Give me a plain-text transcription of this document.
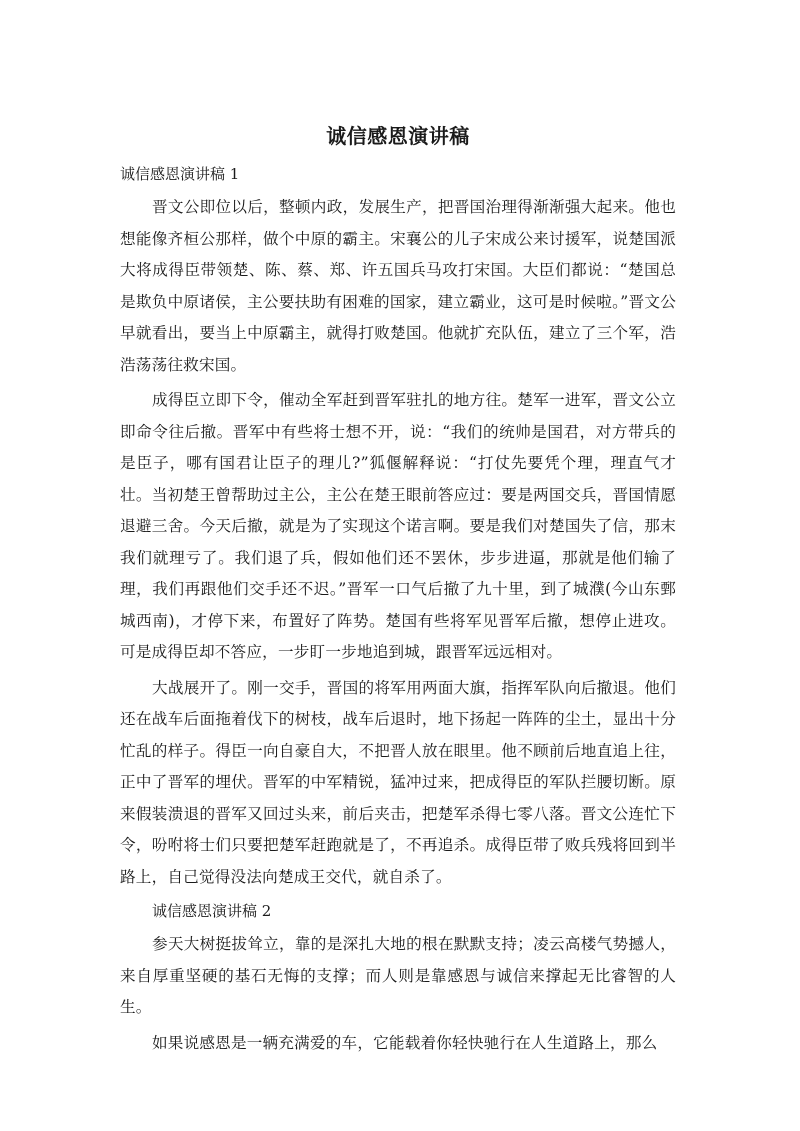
诚信感恩演讲稿
诚信感恩演讲稿 1

晋文公即位以后，整顿内政，发展生产，把晋国治理得渐渐强大起来。他也想能像齐桓公那样，做个中原的霸主。宋襄公的儿子宋成公来讨援军，说楚国派大将成得臣带领楚、陈、蔡、郑、许五国兵马攻打宋国。大臣们都说：“楚国总是欺负中原诸侯，主公要扶助有困难的国家，建立霸业，这可是时候啦。”晋文公早就看出，要当上中原霸主，就得打败楚国。他就扩充队伍，建立了三个军，浩浩荡荡往救宋国。

成得臣立即下令，催动全军赶到晋军驻扎的地方往。楚军一进军，晋文公立即命令往后撤。晋军中有些将士想不开，说：“我们的统帅是国君，对方带兵的是臣子，哪有国君让臣子的理儿?”狐偃解释说：“打仗先要凭个理，理直气才壮。当初楚王曾帮助过主公，主公在楚王眼前答应过：要是两国交兵，晋国情愿退避三舍。今天后撤，就是为了实现这个诺言啊。要是我们对楚国失了信，那末我们就理亏了。我们退了兵，假如他们还不罢休，步步进逼，那就是他们输了理，我们再跟他们交手还不迟。”晋军一口气后撤了九十里，到了城濮(今山东鄄城西南)，才停下来，布置好了阵势。楚国有些将军见晋军后撤，想停止进攻。可是成得臣却不答应，一步盯一步地追到城，跟晋军远远相对。

大战展开了。刚一交手，晋国的将军用两面大旗，指挥军队向后撤退。他们还在战车后面拖着伐下的树枝，战车后退时，地下扬起一阵阵的尘土，显出十分忙乱的样子。得臣一向自豪自大，不把晋人放在眼里。他不顾前后地直追上往，正中了晋军的埋伏。晋军的中军精锐，猛冲过来，把成得臣的军队拦腰切断。原来假装溃退的晋军又回过头来，前后夹击，把楚军杀得七零八落。晋文公连忙下令，吩咐将士们只要把楚军赶跑就是了，不再追杀。成得臣带了败兵残将回到半路上，自己觉得没法向楚成王交代，就自杀了。

诚信感恩演讲稿 2

参天大树挺拔耸立，靠的是深扎大地的根在默默支持；凌云高楼气势撼人，来自厚重坚硬的基石无悔的支撑；而人则是靠感恩与诚信来撑起无比睿智的人生。

如果说感恩是一辆充满爱的车，它能载着你轻快驰行在人生道路上，那么
